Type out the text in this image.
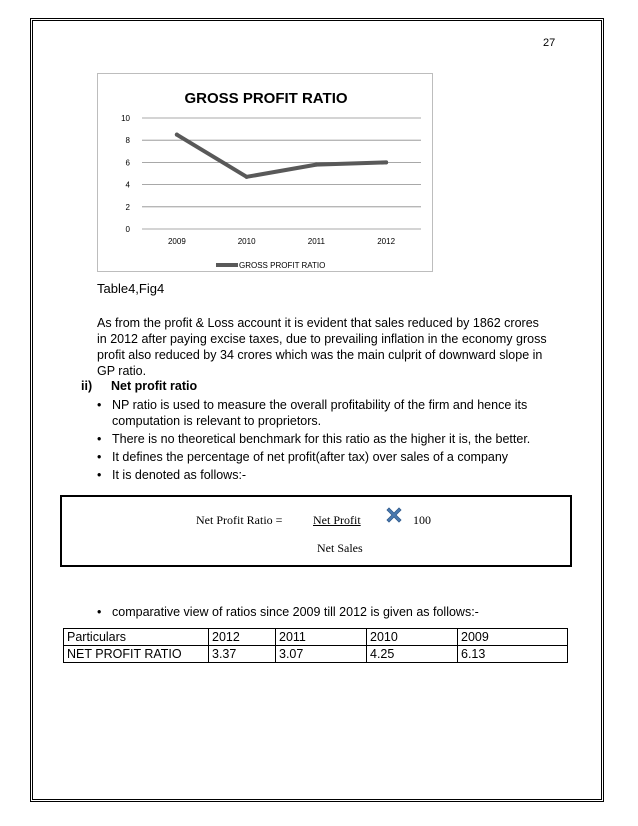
27
GROSS PROFIT RATIO
0
2
4
6
8
10
2009	2010	2011	2012
GROSS PROFIT RATIO
Table4,Fig4
As from the profit & Loss account it is evident that sales reduced by 1862 crores
in 2012 after paying excise taxes, due to prevailing inflation in the economy gross
profit also reduced by 34 crores which was the main culprit of downward slope in
GP ratio.
ii) Net profit ratio
• NP ratio is used to measure the overall profitability of the firm and hence its
computation is relevant to proprietors.
• There is no theoretical benchmark for this ratio as the higher it is, the better.
• It defines the percentage of net profit(after tax) over sales of a company
• It is denoted as follows:-
Net Profit Ratio =	Net Profit	100
Net Sales
• comparative view of ratios since 2009 till 2012 is given as follows:-
Particulars	2012	2011	2010	2009
NET PROFIT RATIO	3.37	3.07	4.25	6.13
